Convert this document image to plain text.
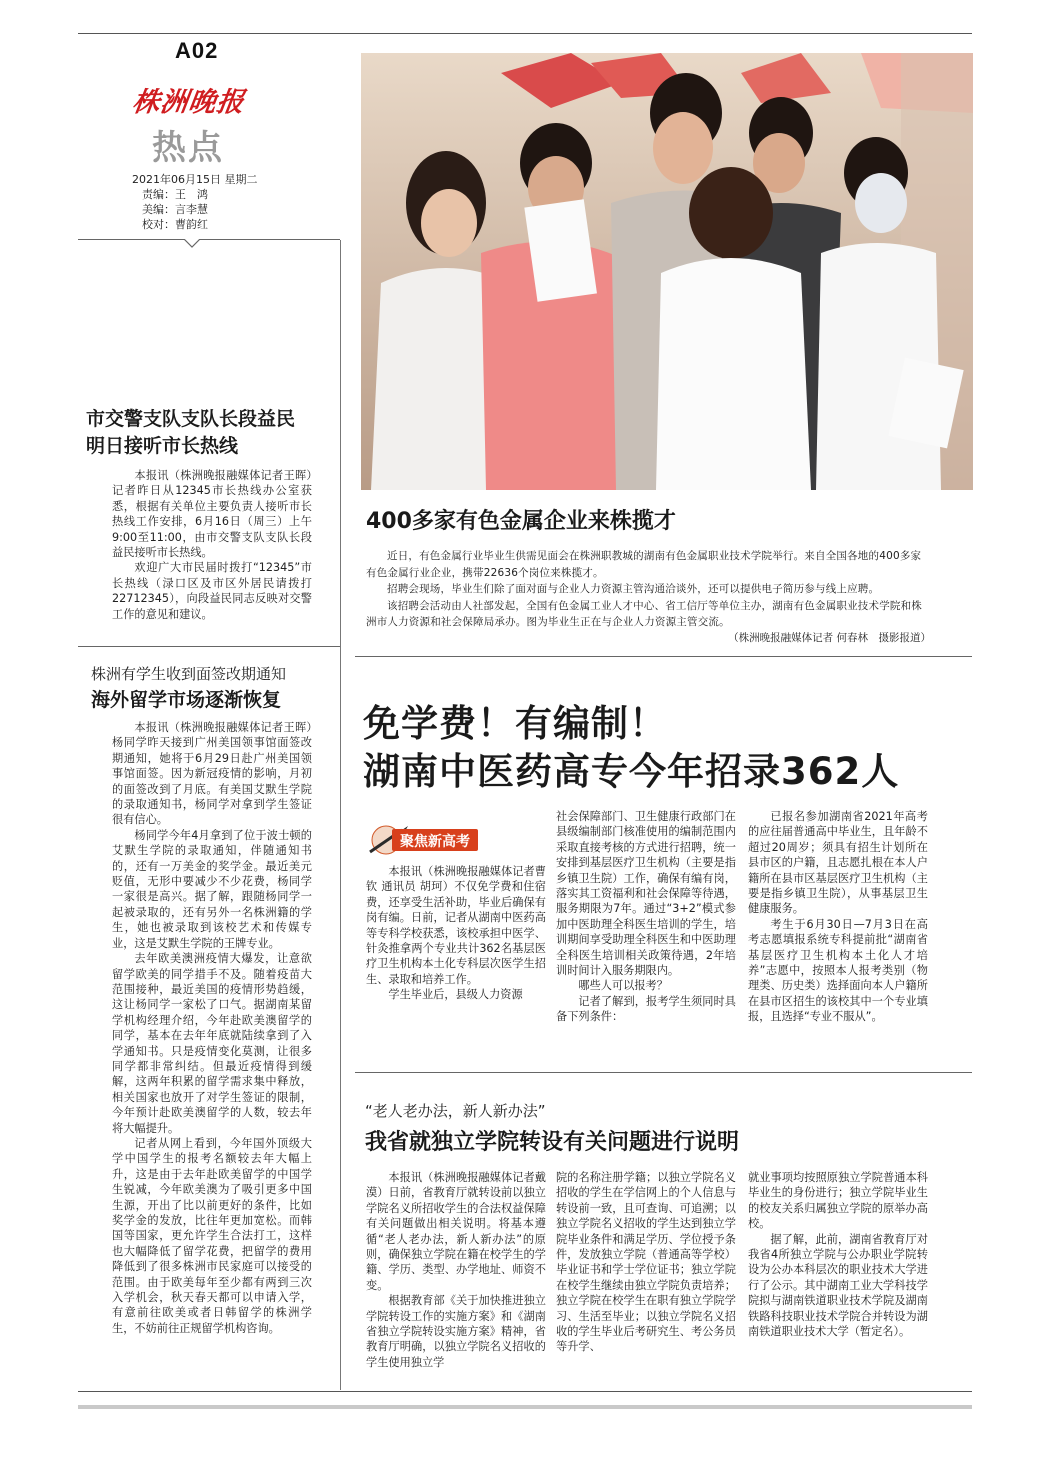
A02
株洲晚报
热点
2021年06月15日 星期二
责编：王　鸿
美编：言李慧
校对：曹韵红
市交警支队支队长段益民
明日接听市长热线

本报讯（株洲晚报融媒体记者王晖）记者昨日从12345市长热线办公室获悉，根据有关单位主要负责人接听市长热线工作安排，6月16日（周三）上午9:00至11:00，由市交警支队支队长段益民接听市长热线。

欢迎广大市民届时拨打“12345”市长热线（渌口区及市区外居民请拨打22712345），向段益民同志反映对交警工作的意见和建议。

株洲有学生收到面签改期通知
海外留学市场逐渐恢复

本报讯（株洲晚报融媒体记者王晖）杨同学昨天接到广州美国领事馆面签改期通知，她将于6月29日赴广州美国领事馆面签。因为新冠疫情的影响，月初的面签改到了月底。有美国艾默生学院的录取通知书，杨同学对拿到学生签证很有信心。

杨同学今年4月拿到了位于波士顿的艾默生学院的录取通知，伴随通知书的，还有一万美金的奖学金。最近美元贬值，无形中要减少不少花费，杨同学一家很是高兴。据了解，跟随杨同学一起被录取的，还有另外一名株洲籍的学生，她也被录取到该校艺术和传媒专业，这是艾默生学院的王牌专业。

去年欧美澳洲疫情大爆发，让意欲留学欧美的同学措手不及。随着疫苗大范围接种，最近美国的疫情形势趋缓，这让杨同学一家松了口气。据湖南某留学机构经理介绍，今年赴欧美澳留学的同学，基本在去年年底就陆续拿到了入学通知书。只是疫情变化莫测，让很多同学都非常纠结。但最近疫情得到缓解，这两年积累的留学需求集中释放，相关国家也放开了对学生签证的限制，今年预计赴欧美澳留学的人数，较去年将大幅提升。

记者从网上看到，今年国外顶级大学中国学生的报考名额较去年大幅上升，这是由于去年赴欧美留学的中国学生锐减，今年欧美澳为了吸引更多中国生源，开出了比以前更好的条件，比如奖学金的发放，比往年更加宽松。而韩国等国家，更允许学生合法打工，这样也大幅降低了留学花费，把留学的费用降低到了很多株洲市民家庭可以接受的范围。由于欧美每年至少都有两到三次入学机会，秋天春天都可以申请入学，有意前往欧美或者日韩留学的株洲学生，不妨前往正规留学机构咨询。

400多家有色金属企业来株揽才

近日，有色金属行业毕业生供需见面会在株洲职教城的湖南有色金属职业技术学院举行。来自全国各地的400多家有色金属行业企业，携带22636个岗位来株揽才。

招聘会现场，毕业生们除了面对面与企业人力资源主管沟通洽谈外，还可以提供电子简历参与线上应聘。

该招聘会活动由人社部发起，全国有色金属工业人才中心、省工信厅等单位主办，湖南有色金属职业技术学院和株洲市人力资源和社会保障局承办。图为毕业生正在与企业人力资源主管交流。

（株洲晚报融媒体记者 何春林　摄影报道）
免学费！有编制！
湖南中医药高专今年招录362人
聚焦新高考

本报讯（株洲晚报融媒体记者曹钦 通讯员 胡珂）不仅免学费和住宿费，还享受生活补助，毕业后确保有岗有编。日前，记者从湖南中医药高等专科学校获悉，该校承担中医学、针灸推拿两个专业共计362名基层医疗卫生机构本土化专科层次医学生招生、录取和培养工作。

学生毕业后，县级人力资源

社会保障部门、卫生健康行政部门在县级编制部门核准使用的编制范围内采取直接考核的方式进行招聘，统一安排到基层医疗卫生机构（主要是指乡镇卫生院）工作，确保有编有岗，落实其工资福利和社会保障等待遇，服务期限为7年。通过“3+2”模式参加中医助理全科医生培训的学生，培训期间享受助理全科医生和中医助理全科医生培训相关政策待遇，2年培训时间计入服务期限内。

哪些人可以报考？

记者了解到，报考学生须同时具备下列条件：

已报名参加湖南省2021年高考的应往届普通高中毕业生，且年龄不超过20周岁；须具有招生计划所在县市区的户籍，且志愿扎根在本人户籍所在县市区基层医疗卫生机构（主要是指乡镇卫生院），从事基层卫生健康服务。

考生于6月30日—7月3日在高考志愿填报系统专科提前批“湖南省基层医疗卫生机构本土化人才培养”志愿中，按照本人报考类别（物理类、历史类）选择面向本人户籍所在县市区招生的该校其中一个专业填报，且选择“专业不服从”。

“老人老办法，新人新办法”
我省就独立学院转设有关问题进行说明

本报讯（株洲晚报融媒体记者戴漠）日前，省教育厅就转设前以独立学院名义所招收学生的合法权益保障有关问题做出相关说明。将基本遵循“老人老办法，新人新办法”的原则，确保独立学院在籍在校学生的学籍、学历、类型、办学地址、师资不变。

根据教育部《关于加快推进独立学院转设工作的实施方案》和《湖南省独立学院转设实施方案》精神，省教育厅明确，以独立学院名义招收的学生使用独立学

院的名称注册学籍；以独立学院名义招收的学生在学信网上的个人信息与转设前一致，且可查询、可追溯；以独立学院名义招收的学生达到独立学院毕业条件和满足学历、学位授予条件，发放独立学院（普通高等学校）毕业证书和学士学位证书；独立学院在校学生继续由独立学院负责培养；独立学院在校学生在职有独立学院学习、生活至毕业；以独立学院名义招收的学生毕业后考研究生、考公务员等升学、

就业事项均按照原独立学院普通本科毕业生的身份进行；独立学院毕业生的校友关系归属独立学院的原举办高校。

据了解，此前，湖南省教育厅对我省4所独立学院与公办职业学院转设为公办本科层次的职业技术大学进行了公示。其中湖南工业大学科技学院拟与湖南铁道职业技术学院及湖南铁路科技职业技术学院合并转设为湖南铁道职业技术大学（暂定名）。
